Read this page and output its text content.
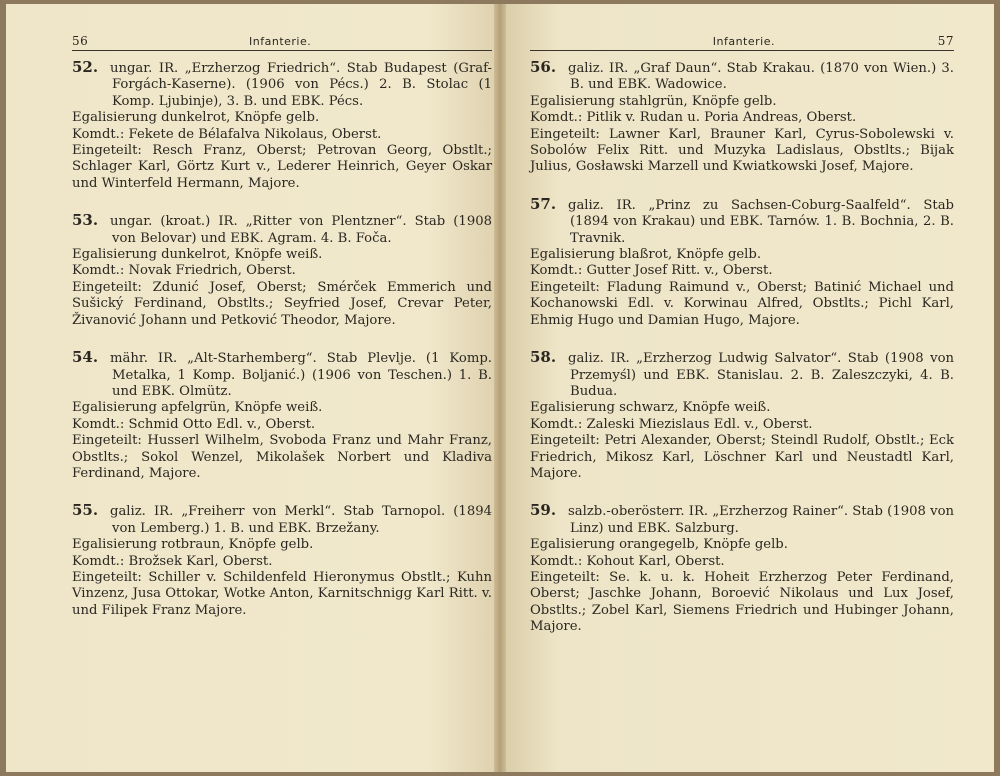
56	Infanterie.

52. ungar. IR. „Erzherzog Friedrich“. Stab Budapest (Graf-Forgách-Kaserne). (1906 von Pécs.) 2. B. Stolac (1 Komp. Ljubinje), 3. B. und EBK. Pécs.

Egalisierung dunkelrot, Knöpfe gelb.

Komdt.: Fekete de Bélafalva Nikolaus, Oberst.

Eingeteilt: Resch Franz, Oberst; Petrovan Georg, Obstlt.; Schlager Karl, Görtz Kurt v., Lederer Heinrich, Geyer Oskar und Winterfeld Hermann, Majore.

53. ungar. (kroat.) IR. „Ritter von Plentzner“. Stab (1908 von Belovar) und EBK. Agram. 4. B. Foča.

Egalisierung dunkelrot, Knöpfe weiß.

Komdt.: Novak Friedrich, Oberst.

Eingeteilt: Zdunić Josef, Oberst; Smérček Emmerich und Sušický Ferdinand, Obstlts.; Seyfried Josef, Crevar Peter, Živanović Johann und Petković Theodor, Majore.

54. mähr. IR. „Alt-Starhemberg“. Stab Plevlje. (1 Komp. Metalka, 1 Komp. Boljanić.) (1906 von Teschen.) 1. B. und EBK. Olmütz.

Egalisierung apfelgrün, Knöpfe weiß.

Komdt.: Schmid Otto Edl. v., Oberst.

Eingeteilt: Husserl Wilhelm, Svoboda Franz und Mahr Franz, Obstlts.; Sokol Wenzel, Mikolašek Norbert und Kladiva Ferdinand, Majore.

55. galiz. IR. „Freiherr von Merkl“. Stab Tarnopol. (1894 von Lemberg.) 1. B. und EBK. Brzežany.

Egalisierung rotbraun, Knöpfe gelb.

Komdt.: Brožsek Karl, Oberst.

Eingeteilt: Schiller v. Schildenfeld Hieronymus Obstlt.; Kuhn Vinzenz, Jusa Ottokar, Wotke Anton, Karnitschnigg Karl Ritt. v. und Filipek Franz Majore.

Infanterie.	57

56. galiz. IR. „Graf Daun“. Stab Krakau. (1870 von Wien.) 3. B. und EBK. Wadowice.

Egalisierung stahlgrün, Knöpfe gelb.

Komdt.: Pitlik v. Rudan u. Poria Andreas, Oberst.

Eingeteilt: Lawner Karl, Brauner Karl, Cyrus-Sobolewski v. Sobolów Felix Ritt. und Muzyka Ladislaus, Obstlts.; Bijak Julius, Gosławski Marzell und Kwiatkowski Josef, Majore.

57. galiz. IR. „Prinz zu Sachsen-Coburg-Saalfeld“. Stab (1894 von Krakau) und EBK. Tarnów. 1. B. Bochnia, 2. B. Travnik.

Egalisierung blaßrot, Knöpfe gelb.

Komdt.: Gutter Josef Ritt. v., Oberst.

Eingeteilt: Fladung Raimund v., Oberst; Batinić Michael und Kochanowski Edl. v. Korwinau Alfred, Obstlts.; Pichl Karl, Ehmig Hugo und Damian Hugo, Majore.

58. galiz. IR. „Erzherzog Ludwig Salvator“. Stab (1908 von Przemyśl) und EBK. Stanislau. 2. B. Zaleszczyki, 4. B. Budua.

Egalisierung schwarz, Knöpfe weiß.

Komdt.: Zaleski Miezislaus Edl. v., Oberst.

Eingeteilt: Petri Alexander, Oberst; Steindl Rudolf, Obstlt.; Eck Friedrich, Mikosz Karl, Löschner Karl und Neustadtl Karl, Majore.

59. salzb.-oberösterr. IR. „Erzherzog Rainer“. Stab (1908 von Linz) und EBK. Salzburg.

Egalisierung orangegelb, Knöpfe gelb.

Komdt.: Kohout Karl, Oberst.

Eingeteilt: Se. k. u. k. Hoheit Erzherzog Peter Ferdinand, Oberst; Jaschke Johann, Boroević Nikolaus und Lux Josef, Obstlts.; Zobel Karl, Siemens Friedrich und Hubinger Johann, Majore.
